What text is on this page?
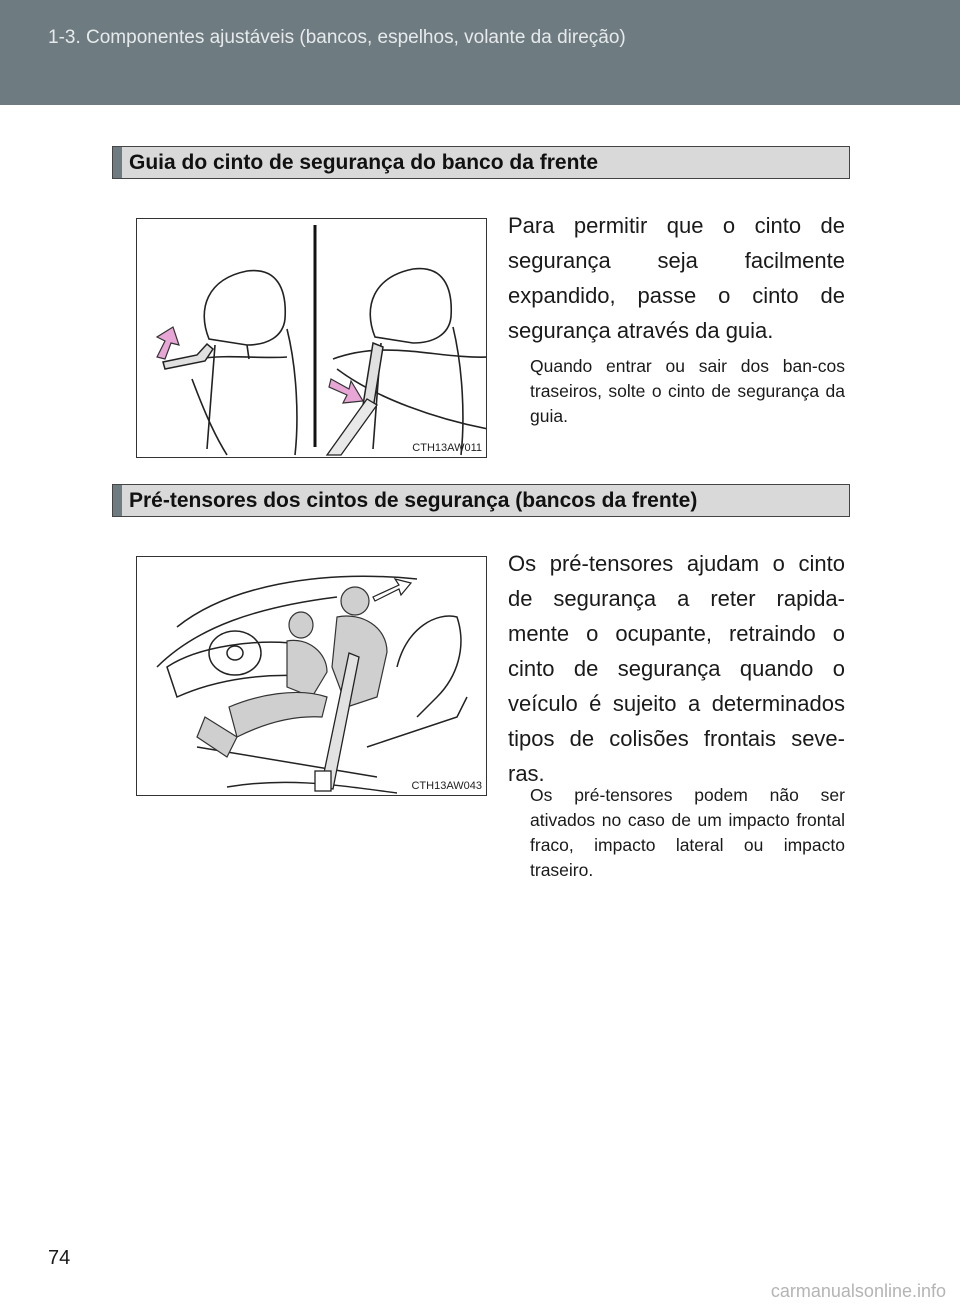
1-3. Componentes ajustáveis (bancos, espelhos, volante da direção)
Guia do cinto de segurança do banco da frente
CTH13AW011
Para permitir que o cinto de segurança seja facilmente expandido, passe o cinto de segurança através da guia.
Quando entrar ou sair dos ban-cos traseiros, solte o cinto de segurança da guia.
Pré-tensores dos cintos de segurança (bancos da frente)
CTH13AW043
Os pré-tensores ajudam o cinto de segurança a reter rapida- mente o ocupante, retraindo o cinto de segurança quando o veículo é sujeito a determinados tipos de colisões frontais seve- ras.
Os pré-tensores podem não ser ativados no caso de um impacto frontal fraco, impacto lateral ou impacto traseiro.
74
carmanualsonline.info
